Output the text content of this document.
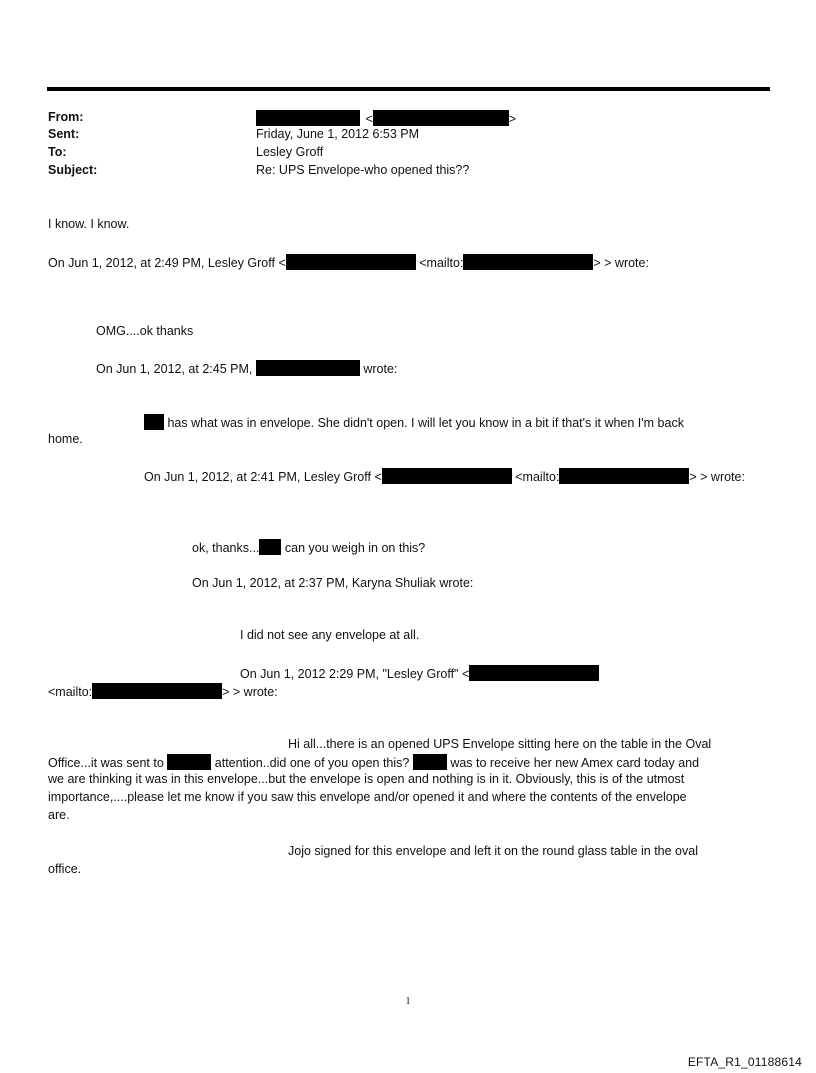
From:	<	>
Sent:	Friday, June 1, 2012 6:53 PM
To:	Lesley Groff
Subject:	Re: UPS Envelope-who opened this??
I know. I know.
On Jun 1, 2012, at 2:49 PM, Lesley Groff <	<mailto:	> > wrote:
OMG....ok thanks
On Jun 1, 2012, at 2:45 PM,	wrote:
has what was in envelope. She didn't open. I will let you know in a bit if that's it when I'm back
home.
On Jun 1, 2012, at 2:41 PM, Lesley Groff <	<mailto:	> > wrote:
ok, thanks... can you weigh in on this?
On Jun 1, 2012, at 2:37 PM, Karyna Shuliak wrote:
I did not see any envelope at all.
On Jun 1, 2012 2:29 PM, "Lesley Groff" <
<mailto:	> > wrote:
Hi all...there is an opened UPS Envelope sitting here on the table in the Oval
Office...it was sent to	attention..did one of you open this?	was to receive her new Amex card today and
we are thinking it was in this envelope...but the envelope is open and nothing is in it. Obviously, this is of the utmost
importance,....please let me know if you saw this envelope and/or opened it and where the contents of the envelope
are.
Jojo signed for this envelope and left it on the round glass table in the oval
office.
1
EFTA_R1_01188614
